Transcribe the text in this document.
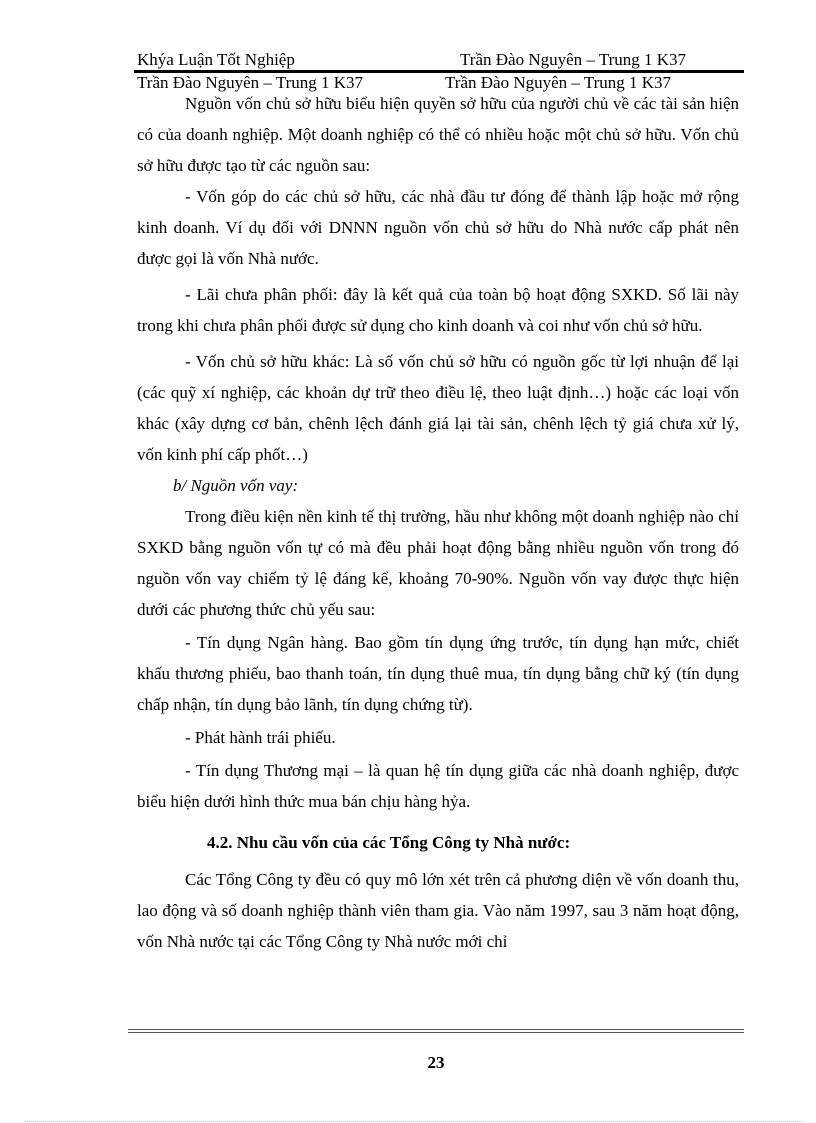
Khýa Luận Tốt Nghiệp	Trần Đào Nguyên – Trung 1 K37
Trần Đào Nguyên – Trung 1 K37	Trần Đào Nguyên – Trung 1 K37

Nguồn vốn chủ sở hữu biểu hiện quyền sở hữu của người chủ về các tài sản hiện có của doanh nghiệp. Một doanh nghiệp có thể có nhiều hoặc một chủ sở hữu. Vốn chủ sở hữu được tạo từ các nguồn sau:

- Vốn góp do các chủ sở hữu, các nhà đầu tư đóng để thành lập hoặc mở rộng kinh doanh. Ví dụ đối với DNNN nguồn vốn chủ sở hữu do Nhà nước cấp phát nên được gọi là vốn Nhà nước.

- Lãi chưa phân phối: đây là kết quả của toàn bộ hoạt động SXKD. Số lãi này trong khi chưa phân phối được sử dụng cho kinh doanh và coi như vốn chủ sở hữu.

- Vốn chủ sở hữu khác: Là số vốn chủ sở hữu có nguồn gốc từ lợi nhuận để lại (các quỹ xí nghiệp, các khoản dự trữ theo điều lệ, theo luật định…) hoặc các loại vốn khác (xây dựng cơ bản, chênh lệch đánh giá lại tài sản, chênh lệch tỷ giá chưa xử lý, vốn kinh phí cấp phốt…)

b/ Nguồn vốn vay:

Trong điều kiện nền kinh tế thị trường, hầu như không một doanh nghiệp nào chỉ SXKD bằng nguồn vốn tự có mà đều phải hoạt động bằng nhiều nguồn vốn trong đó nguồn vốn vay chiếm tỷ lệ đáng kể, khoảng 70-90%. Nguồn vốn vay được thực hiện dưới các phương thức chủ yếu sau:

- Tín dụng Ngân hàng. Bao gồm tín dụng ứng trước, tín dụng hạn mức, chiết khấu thương phiếu, bao thanh toán, tín dụng thuê mua, tín dụng bằng chữ ký (tín dụng chấp nhận, tín dụng bảo lãnh, tín dụng chứng từ).

- Phát hành trái phiếu.

- Tín dụng Thương mại – là quan hệ tín dụng giữa các nhà doanh nghiệp, được biểu hiện dưới hình thức mua bán chịu hàng hỷa.

4.2. Nhu cầu vốn của các Tổng Công ty Nhà nước:

Các Tổng Công ty đều có quy mô lớn xét trên cả phương diện về vốn doanh thu, lao động và số doanh nghiệp thành viên tham gia. Vào năm 1997, sau 3 năm hoạt động, vốn Nhà nước tại các Tổng Công ty Nhà nước mới chỉ

23
